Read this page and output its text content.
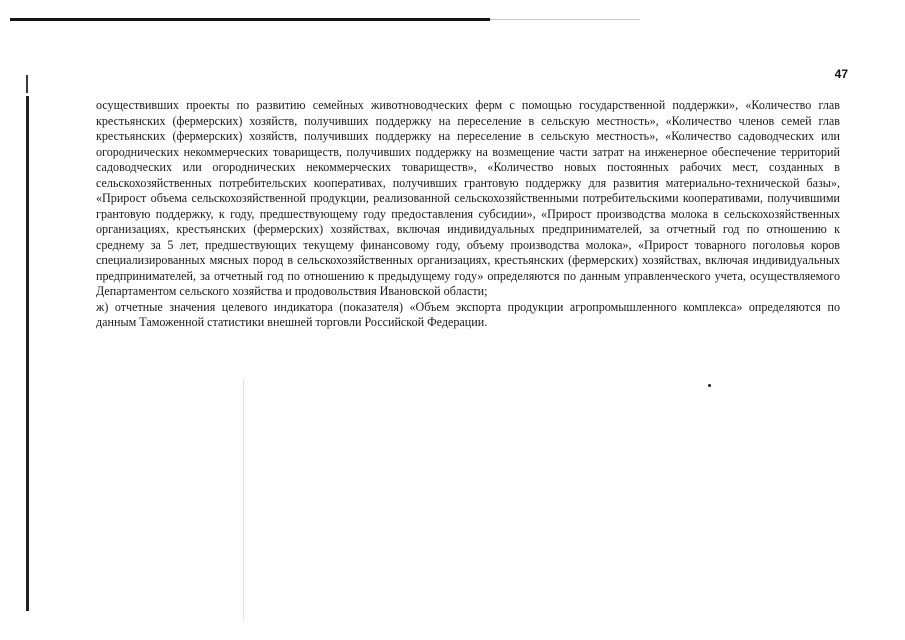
47

осуществивших проекты по развитию семейных животноводческих ферм с помощью государственной поддержки», «Количество глав крестьянских (фермерских) хозяйств, получивших поддержку на переселение в сельскую местность», «Количество членов семей глав крестьянских (фермерских) хозяйств, получивших поддержку на переселение в сельскую местность», «Количество садоводческих или огороднических некоммерческих товариществ, получивших поддержку на возмещение части затрат на инженерное обеспечение территорий садоводческих или огороднических некоммерческих товариществ», «Количество новых постоянных рабочих мест, созданных в сельскохозяйственных потребительских кооперативах, получивших грантовую поддержку для развития материально-технической базы», «Прирост объема сельскохозяйственной продукции, реализованной сельскохозяйственными потребительскими кооперативами, получившими грантовую поддержку, к году, предшествующему году предоставления субсидии», «Прирост производства молока в сельскохозяйственных организациях, крестьянских (фермерских) хозяйствах, включая индивидуальных предпринимателей, за отчетный год по отношению к среднему за 5 лет, предшествующих текущему финансовому году, объему производства молока», «Прирост товарного поголовья коров специализированных мясных пород в сельскохозяйственных организациях, крестьянских (фермерских) хозяйствах, включая индивидуальных предпринимателей, за отчетный год по отношению к предыдущему году» определяются по данным управленческого учета, осуществляемого Департаментом сельского хозяйства и продовольствия Ивановской области;

ж) отчетные значения целевого индикатора (показателя) «Объем экспорта продукции агропромышленного комплекса» определяются по данным Таможенной статистики внешней торговли Российской Федерации.
